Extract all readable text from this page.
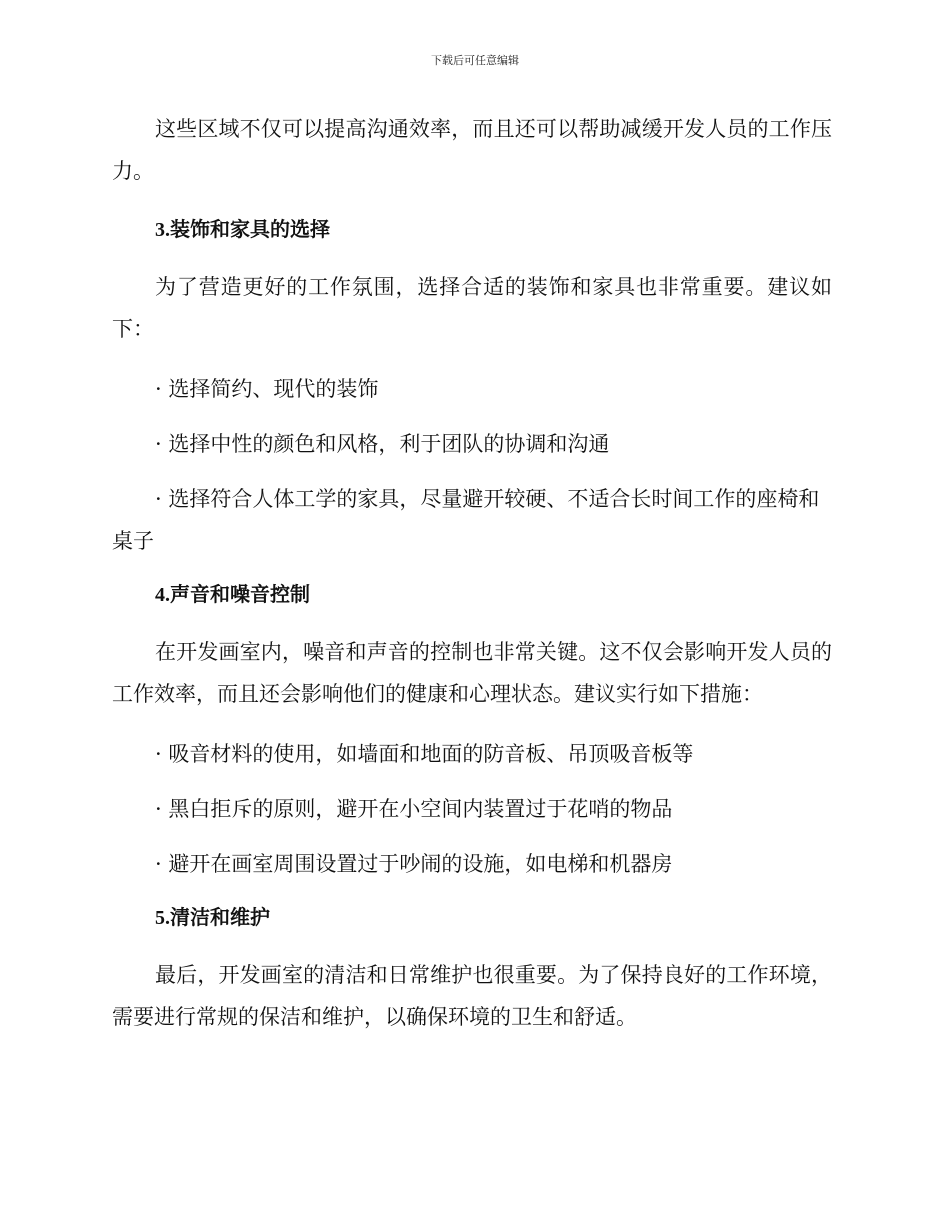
下载后可任意编辑

这些区域不仅可以提高沟通效率，而且还可以帮助减缓开发人员的工作压力。

3.装饰和家具的选择

为了营造更好的工作氛围，选择合适的装饰和家具也非常重要。建议如下：

· 选择简约、现代的装饰
· 选择中性的颜色和风格，利于团队的协调和沟通
· 选择符合人体工学的家具，尽量避开较硬、不适合长时间工作的座椅和桌子
4.声音和噪音控制

在开发画室内，噪音和声音的控制也非常关键。这不仅会影响开发人员的工作效率，而且还会影响他们的健康和心理状态。建议实行如下措施：

· 吸音材料的使用，如墙面和地面的防音板、吊顶吸音板等
· 黑白拒斥的原则，避开在小空间内装置过于花哨的物品
· 避开在画室周围设置过于吵闹的设施，如电梯和机器房
5.清洁和维护

最后，开发画室的清洁和日常维护也很重要。为了保持良好的工作环境，需要进行常规的保洁和维护，以确保环境的卫生和舒适。
